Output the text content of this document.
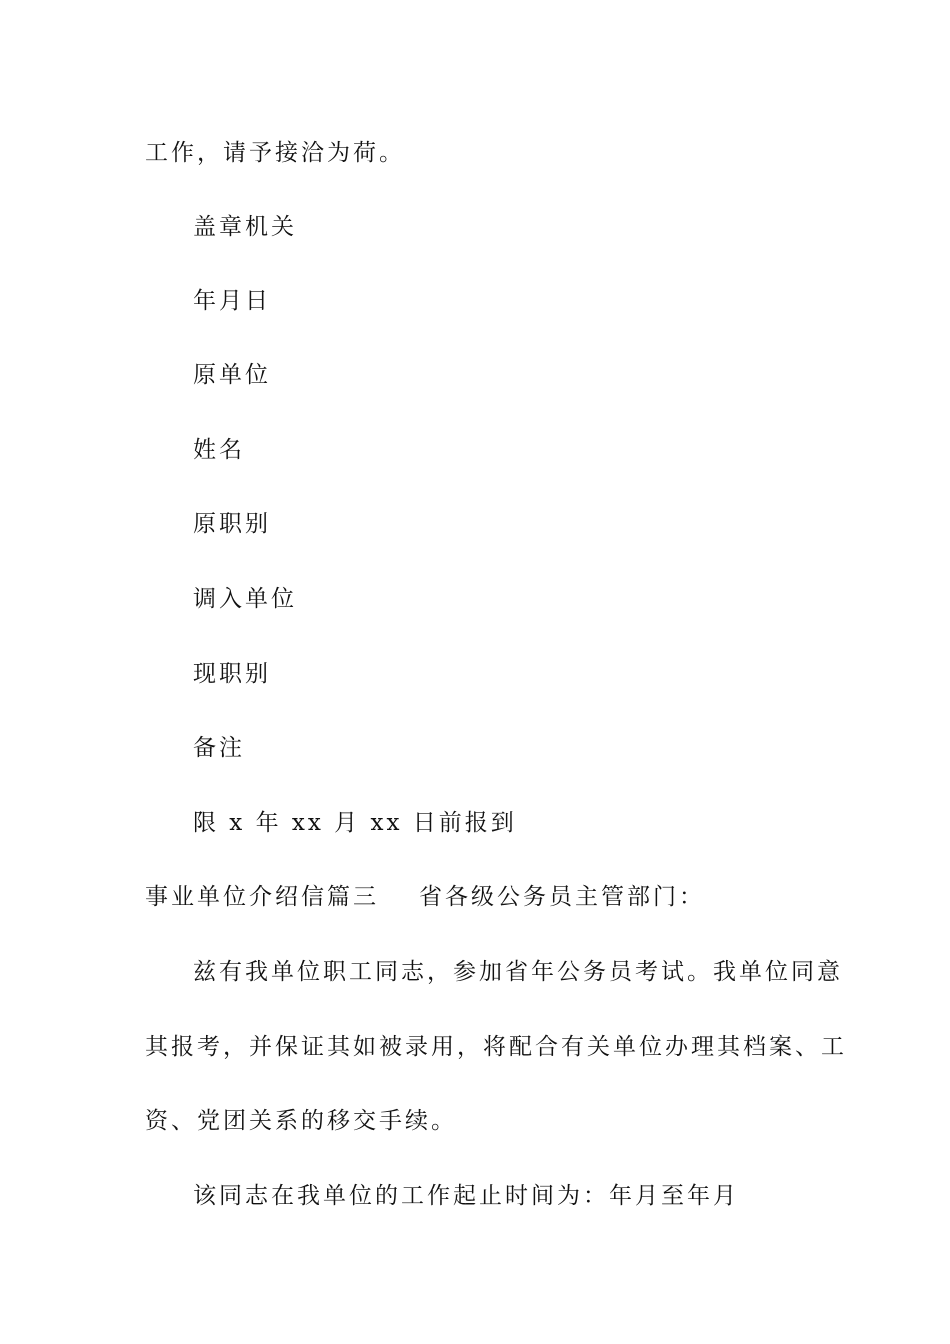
工作，请予接洽为荷。
盖章机关
年月日
原单位
姓名
原职别
调入单位
现职别
备注
限 x 年 xx 月 xx 日前报到
事业单位介绍信篇三 省各级公务员主管部门：
兹有我单位职工同志，参加省年公务员考试。我单位同意
其报考，并保证其如被录用，将配合有关单位办理其档案、工
资、党团关系的移交手续。
该同志在我单位的工作起止时间为：年月至年月
